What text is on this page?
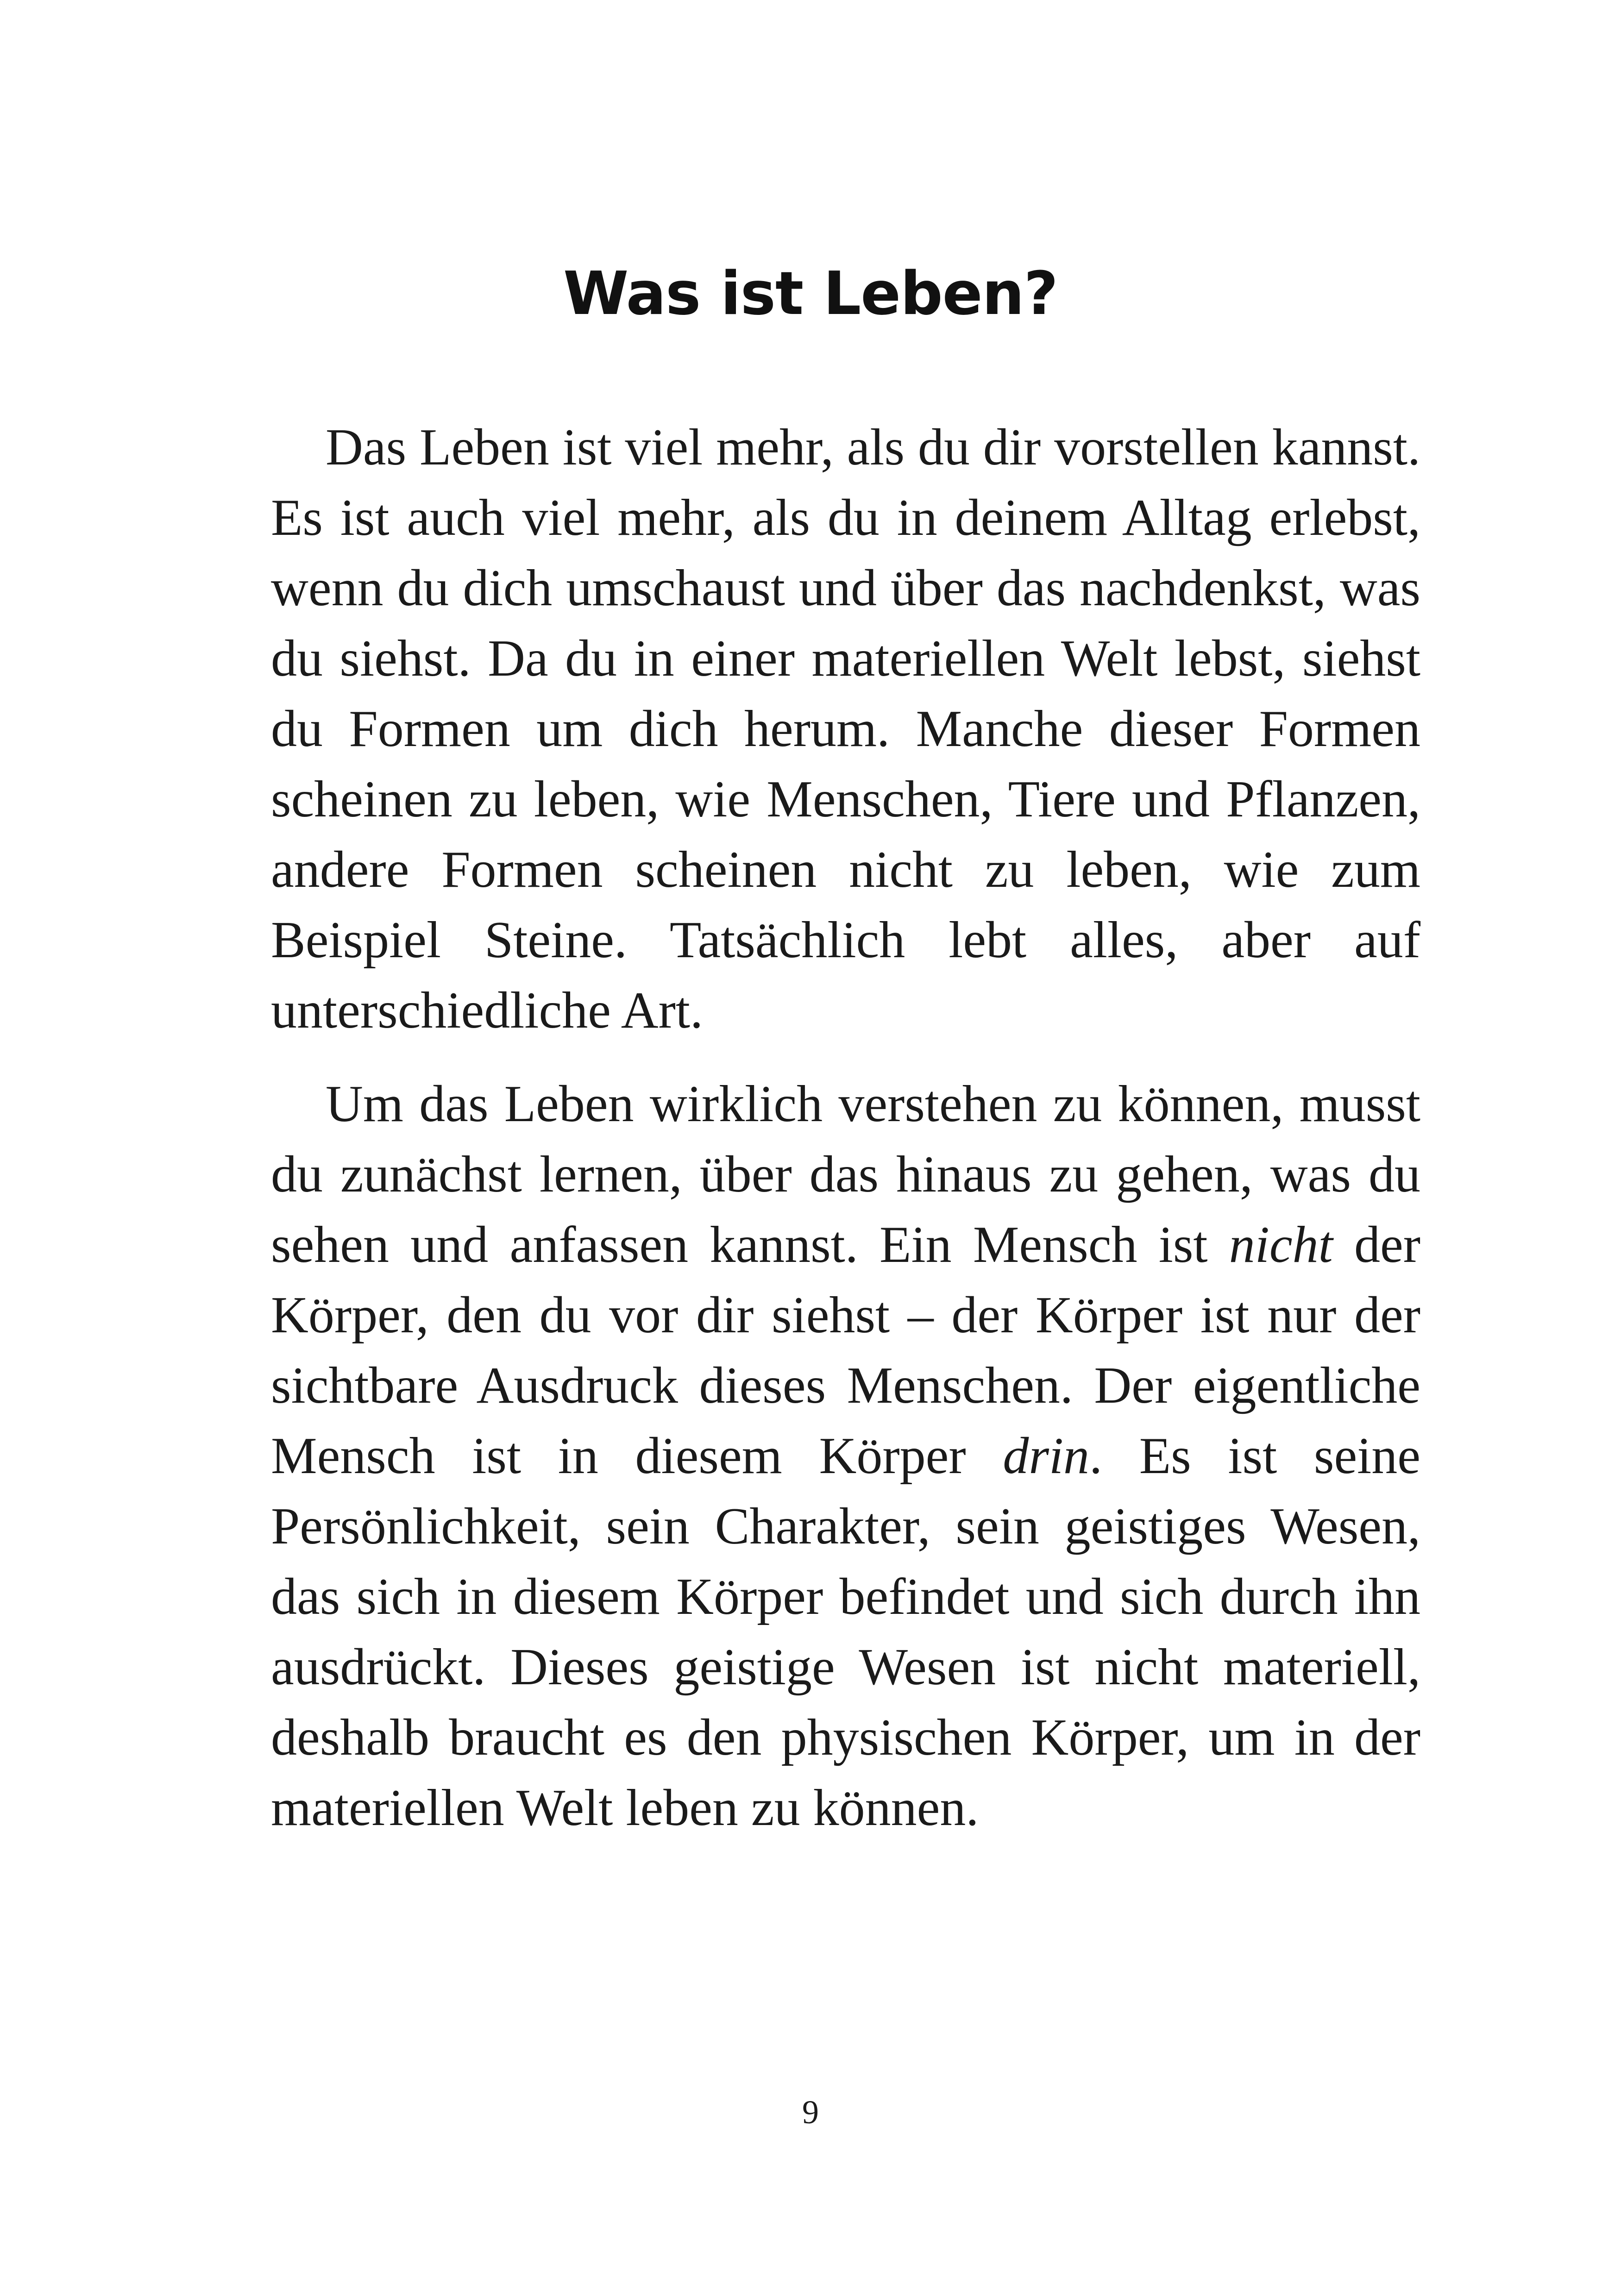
Was ist Leben?

Das Leben ist viel mehr, als du dir vorstellen kannst. Es ist auch viel mehr, als du in deinem Alltag erlebst, wenn du dich umschaust und über das nachdenkst, was du siehst. Da du in einer materiellen Welt lebst, siehst du Formen um dich herum. Manche dieser Formen scheinen zu leben, wie Menschen, Tiere und Pflanzen, andere Formen scheinen nicht zu leben, wie zum Beispiel Steine. Tatsächlich lebt alles, aber auf unterschiedliche Art.

Um das Leben wirklich verstehen zu können, musst du zunächst lernen, über das hinaus zu gehen, was du sehen und anfassen kannst. Ein Mensch ist nicht der Körper, den du vor dir siehst – der Körper ist nur der sichtbare Ausdruck dieses Menschen. Der eigentliche Mensch ist in diesem Körper drin. Es ist seine Persönlichkeit, sein Charakter, sein geistiges Wesen, das sich in diesem Körper befindet und sich durch ihn ausdrückt. Dieses geistige Wesen ist nicht materiell, deshalb braucht es den physischen Körper, um in der materiellen Welt leben zu können.

9
